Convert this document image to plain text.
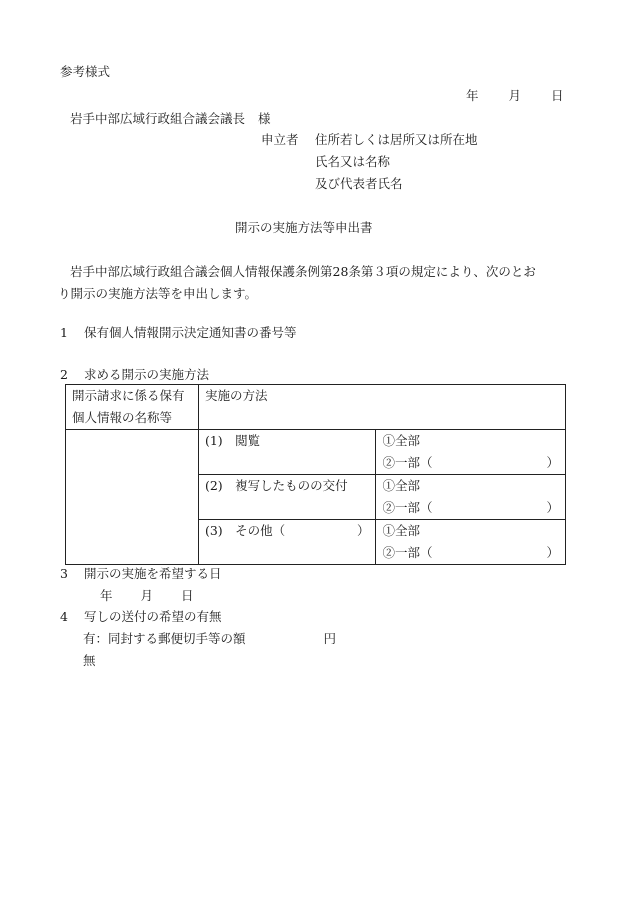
参考様式
年 月 日
岩手中部広域行政組合議会議長 様
申立者 住所若しくは居所又は所在地
氏名又は名称
及び代表者氏名
開示の実施方法等申出書
岩手中部広域行政組合議会個人情報保護条例第28条第３項の規定により、次のとお
り開示の実施方法等を申出します。
1 保有個人情報開示決定通知書の番号等
2 求める開示の実施方法
開示請求に係る保有
個人情報の名称等	実施の方法	
	(1)　閲覧	①全部
②一部（ ）

	(2)　複写したものの交付	①全部
②一部（ ）

	(3)　その他（ ）	①全部
②一部（ ）
3 開示の実施を希望する日
年 月 日
4 写しの送付の希望の有無
有：同封する郵便切手等の額	円
無
